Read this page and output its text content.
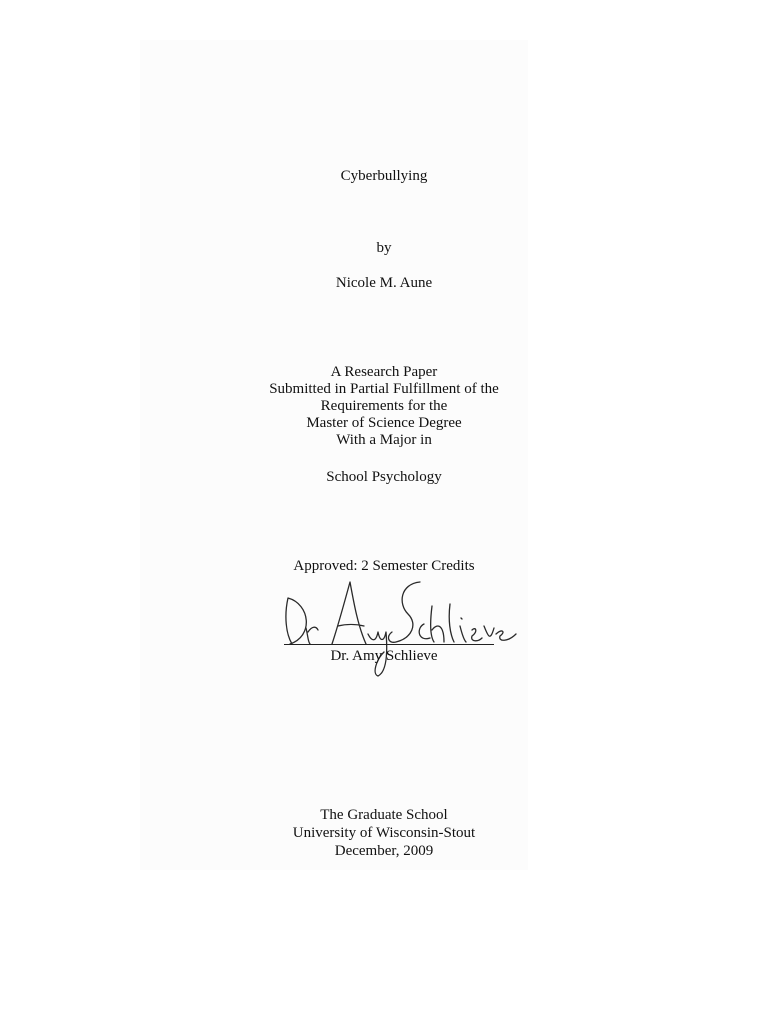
Cyberbullying
by
Nicole M. Aune
A Research Paper
Submitted in Partial Fulfillment of the
Requirements for the
Master of Science Degree
With a Major in
School Psychology
Approved: 2 Semester Credits
Dr. Amy Schlieve
The Graduate School
University of Wisconsin-Stout
December, 2009
